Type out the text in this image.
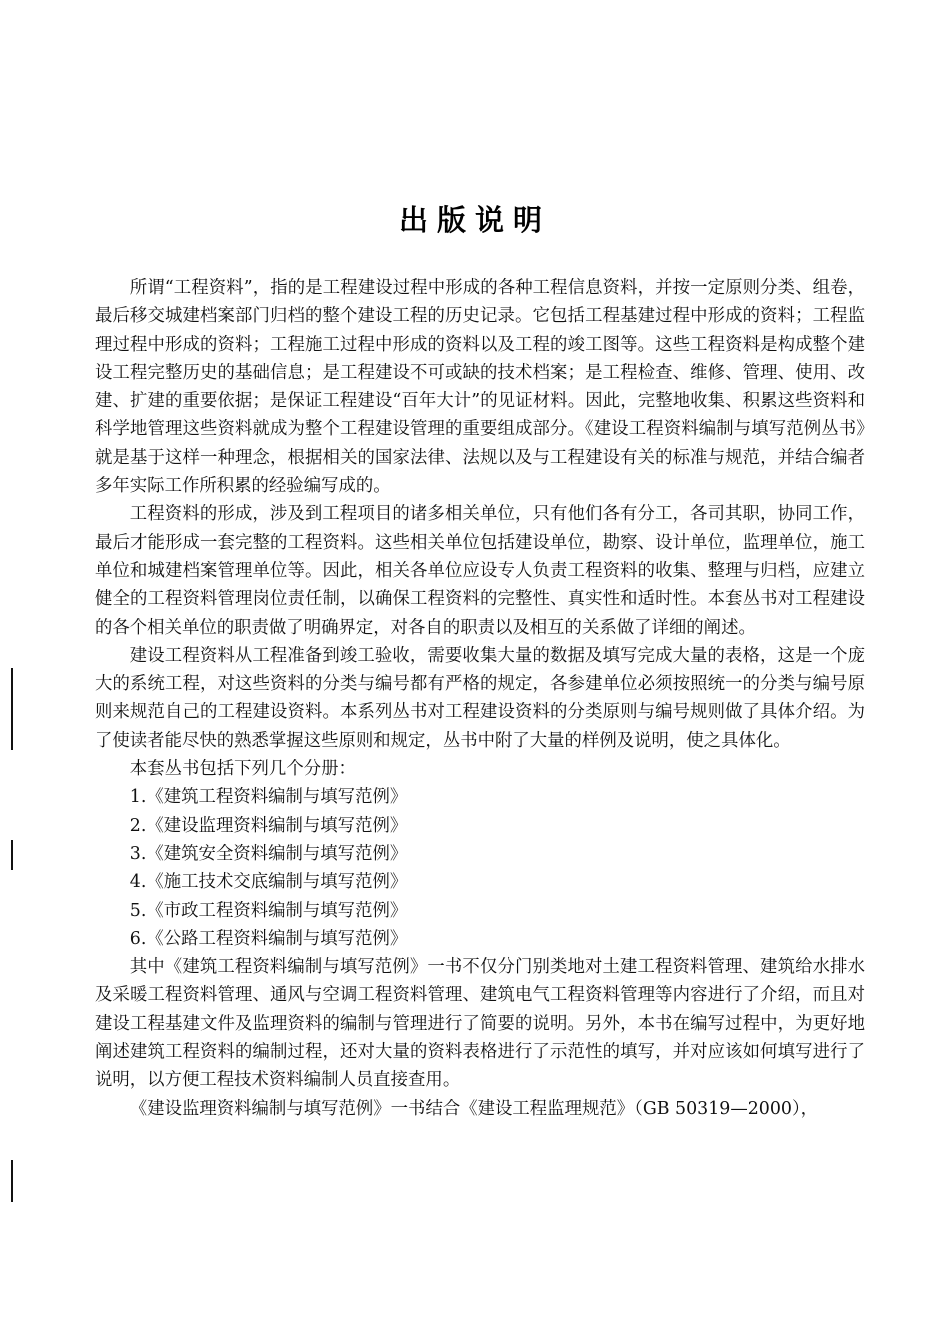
出版说明

所谓“工程资料”，指的是工程建设过程中形成的各种工程信息资料，并按一定原则分类、组卷，最后移交城建档案部门归档的整个建设工程的历史记录。它包括工程基建过程中形成的资料；工程监理过程中形成的资料；工程施工过程中形成的资料以及工程的竣工图等。这些工程资料是构成整个建设工程完整历史的基础信息；是工程建设不可或缺的技术档案；是工程检查、维修、管理、使用、改建、扩建的重要依据；是保证工程建设“百年大计”的见证材料。因此，完整地收集、积累这些资料和科学地管理这些资料就成为整个工程建设管理的重要组成部分。《建设工程资料编制与填写范例丛书》就是基于这样一种理念，根据相关的国家法律、法规以及与工程建设有关的标准与规范，并结合编者多年实际工作所积累的经验编写成的。

工程资料的形成，涉及到工程项目的诸多相关单位，只有他们各有分工，各司其职，协同工作，最后才能形成一套完整的工程资料。这些相关单位包括建设单位，勘察、设计单位，监理单位，施工单位和城建档案管理单位等。因此，相关各单位应设专人负责工程资料的收集、整理与归档，应建立健全的工程资料管理岗位责任制，以确保工程资料的完整性、真实性和适时性。本套丛书对工程建设的各个相关单位的职责做了明确界定，对各自的职责以及相互的关系做了详细的阐述。

建设工程资料从工程准备到竣工验收，需要收集大量的数据及填写完成大量的表格，这是一个庞大的系统工程，对这些资料的分类与编号都有严格的规定，各参建单位必须按照统一的分类与编号原则来规范自己的工程建设资料。本系列丛书对工程建设资料的分类原则与编号规则做了具体介绍。为了使读者能尽快的熟悉掌握这些原则和规定，丛书中附了大量的样例及说明，使之具体化。

本套丛书包括下列几个分册：

1.《建筑工程资料编制与填写范例》
2.《建设监理资料编制与填写范例》
3.《建筑安全资料编制与填写范例》
4.《施工技术交底编制与填写范例》
5.《市政工程资料编制与填写范例》
6.《公路工程资料编制与填写范例》

其中《建筑工程资料编制与填写范例》一书不仅分门别类地对土建工程资料管理、建筑给水排水及采暖工程资料管理、通风与空调工程资料管理、建筑电气工程资料管理等内容进行了介绍，而且对建设工程基建文件及监理资料的编制与管理进行了简要的说明。另外，本书在编写过程中，为更好地阐述建筑工程资料的编制过程，还对大量的资料表格进行了示范性的填写，并对应该如何填写进行了说明，以方便工程技术资料编制人员直接查用。

《建设监理资料编制与填写范例》一书结合《建设工程监理规范》（GB 50319—2000），
